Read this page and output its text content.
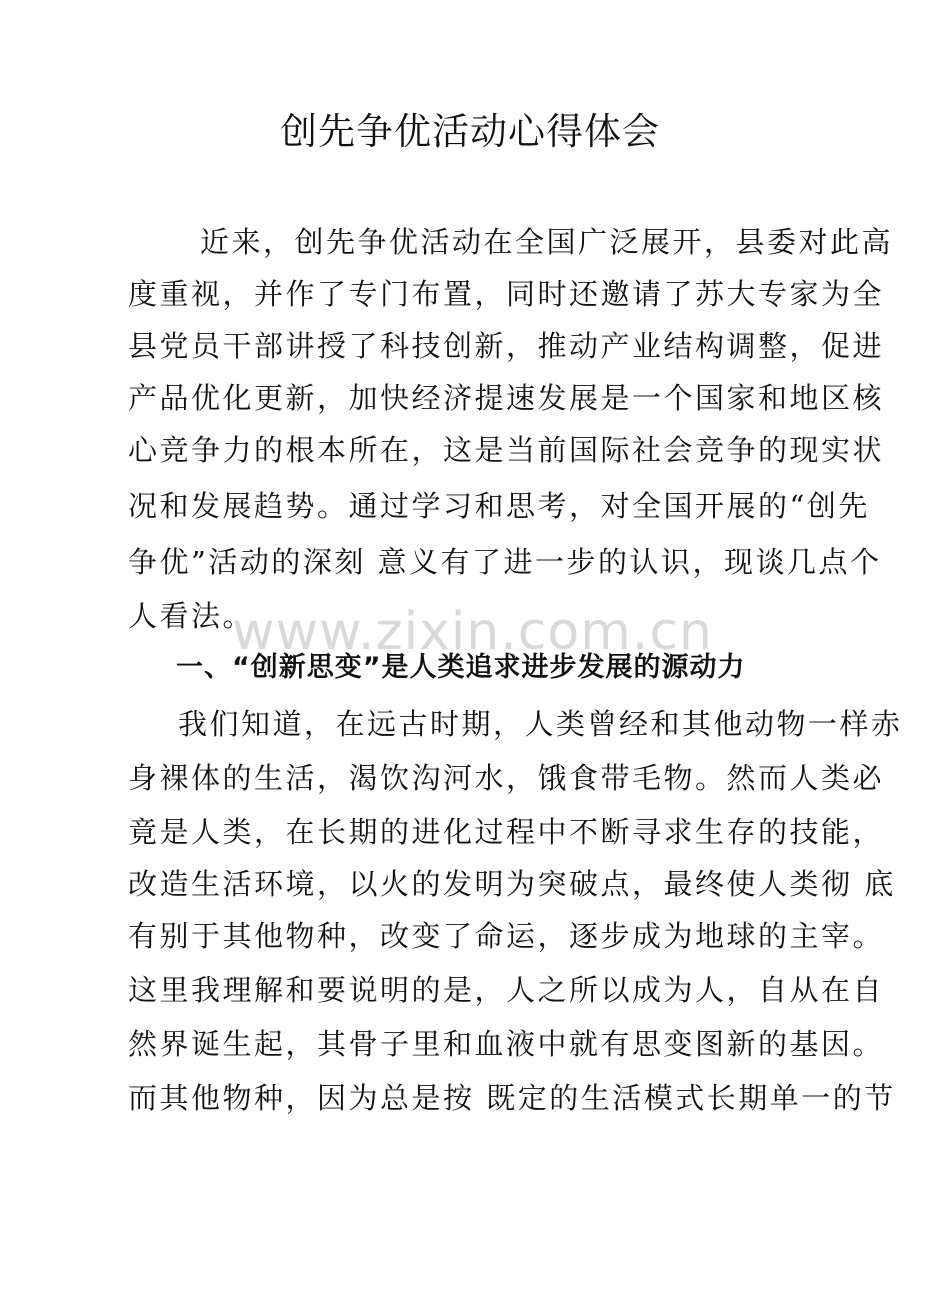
创先争优活动心得体会
www.zixin.com.cn
近来，创先争优活动在全国广泛展开，县委对此高
度重视，并作了专门布置，同时还邀请了苏大专家为全
县党员干部讲授了科技创新，推动产业结构调整，促进
产品优化更新，加快经济提速发展是一个国家和地区核
心竞争力的根本所在，这是当前国际社会竞争的现实状
况和发展趋势。通过学习和思考，对全国开展的“创先
争优”活动的深刻 意义有了进一步的认识，现谈几点个
人看法。
一、“创新思变”是人类追求进步发展的源动力
我们知道，在远古时期，人类曾经和其他动物一样赤
身裸体的生活，渴饮沟河水，饿食带毛物。然而人类必
竟是人类，在长期的进化过程中不断寻求生存的技能，
改造生活环境，以火的发明为突破点，最终使人类彻 底
有别于其他物种，改变了命运，逐步成为地球的主宰。
这里我理解和要说明的是，人之所以成为人，自从在自
然界诞生起，其骨子里和血液中就有思变图新的基因。
而其他物种，因为总是按 既定的生活模式长期单一的节
